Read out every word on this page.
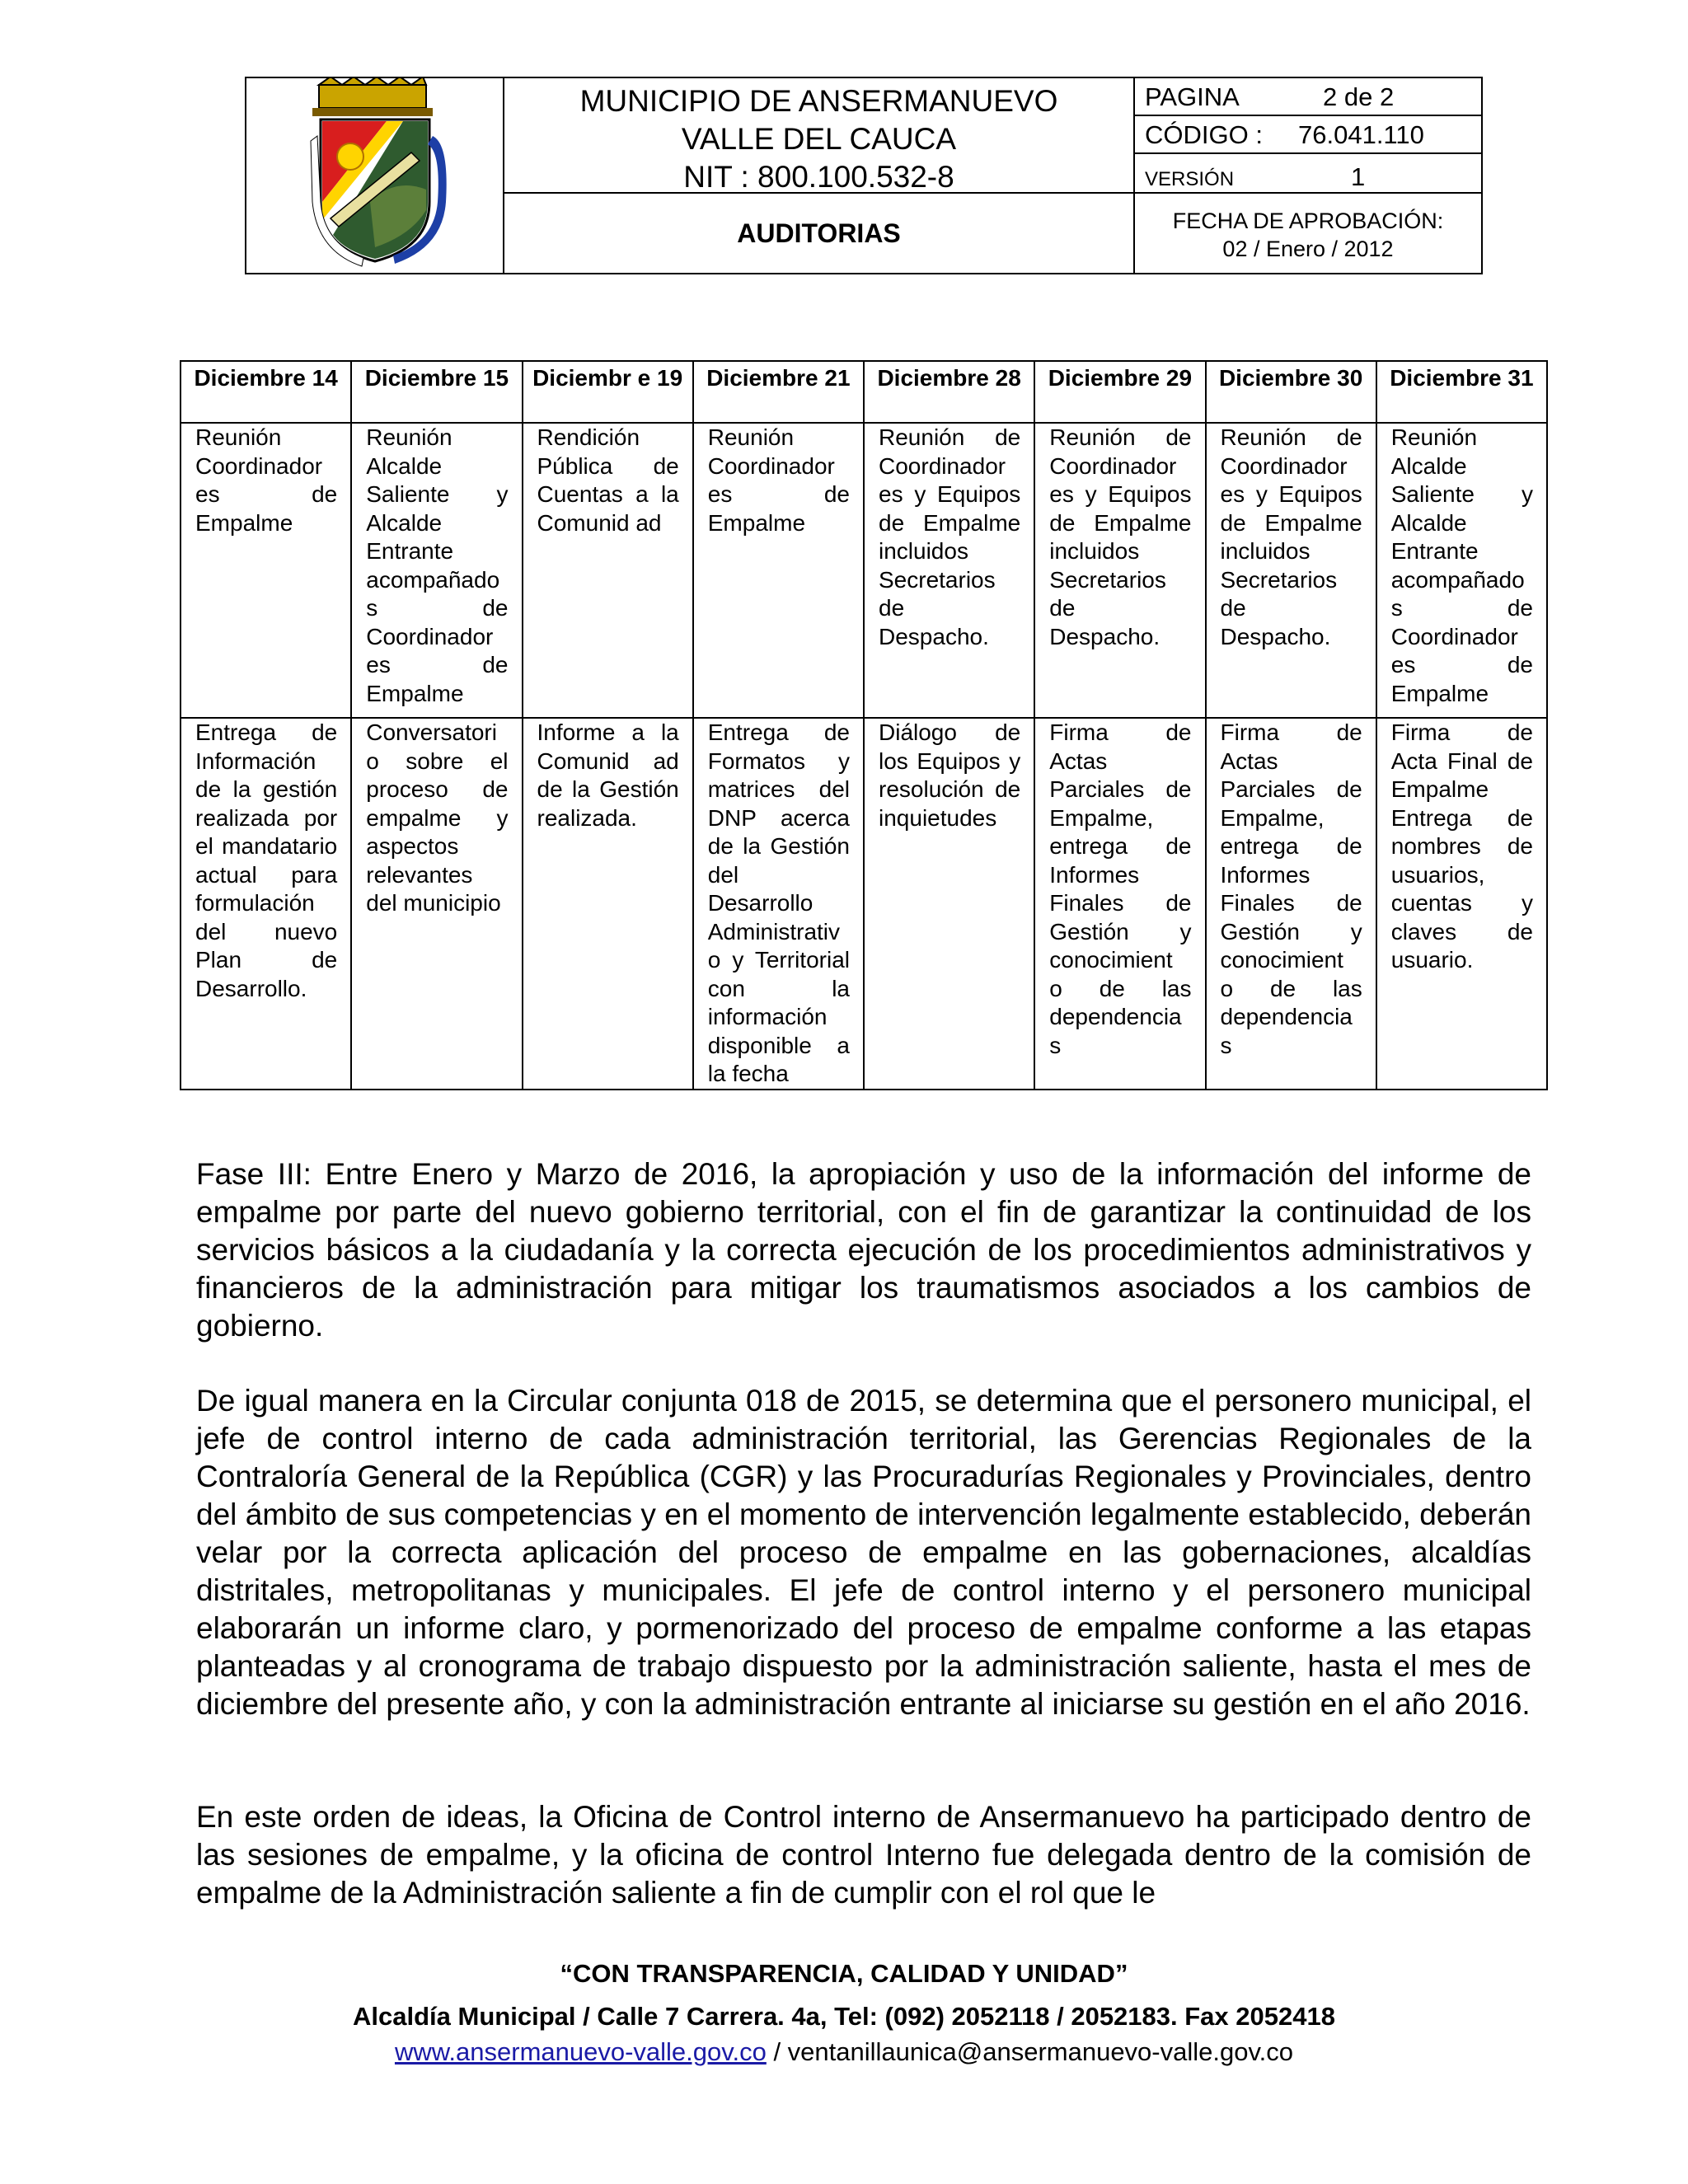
MUNICIPIO DE ANSERMANUEVO
VALLE DEL CAUCA
NIT : 800.100.532-8
AUDITORIAS
PAGINA	2 de 2
CÓDIGO : 76.041.110
VERSIÓN	1
FECHA DE APROBACIÓN:
02 / Enero / 2012
Diciembre 14	Diciembre 15	Diciembr e 19	Diciembre 21	Diciembre 28	Diciembre 29	Diciembre 30	Diciembre 31
Reunión Coordinador es de Empalme	Reunión Alcalde Saliente y Alcalde Entrante acompañado s de Coordinador es de Empalme	Rendición Pública de Cuentas a la Comunid ad	Reunión Coordinador es de Empalme	Reunión de Coordinador es y Equipos de Empalme incluidos Secretarios de Despacho.	Reunión de Coordinador es y Equipos de Empalme incluidos Secretarios de Despacho.	Reunión de Coordinador es y Equipos de Empalme incluidos Secretarios de Despacho.	Reunión Alcalde Saliente y Alcalde Entrante acompañado s de Coordinador es de Empalme
Entrega de Información de la gestión realizada por el mandatario actual para formulación del nuevo Plan de Desarrollo.	Conversatori o sobre el proceso de empalme y aspectos relevantes del municipio	Informe a la Comunid ad de la Gestión realizada.	Entrega de Formatos y matrices del DNP acerca de la Gestión del Desarrollo Administrativ o y Territorial con la información disponible a la fecha	Diálogo de los Equipos y resolución de inquietudes	Firma de Actas Parciales de Empalme, entrega de Informes Finales de Gestión y conocimient o de las dependencia s	Firma de Actas Parciales de Empalme, entrega de Informes Finales de Gestión y conocimient o de las dependencia s	Firma de Acta Final de Empalme Entrega de nombres de usuarios, cuentas y claves de usuario.

Fase III: Entre Enero y Marzo de 2016, la apropiación y uso de la información del informe de empalme por parte del nuevo gobierno territorial, con el fin de garantizar la continuidad de los servicios básicos a la ciudadanía y la correcta ejecución de los procedimientos administrativos y financieros de la administración para mitigar los traumatismos asociados a los cambios de gobierno.

De igual manera en la Circular conjunta 018 de 2015, se determina que el personero municipal, el jefe de control interno de cada administración territorial, las Gerencias Regionales de la Contraloría General de la República (CGR) y las Procuradurías Regionales y Provinciales, dentro del ámbito de sus competencias y en el momento de intervención legalmente establecido, deberán velar por la correcta aplicación del proceso de empalme en las gobernaciones, alcaldías distritales, metropolitanas y municipales. El jefe de control interno y el personero municipal elaborarán un informe claro, y pormenorizado del proceso de empalme conforme a las etapas planteadas y al cronograma de trabajo dispuesto por la administración saliente, hasta el mes de diciembre del presente año, y con la administración entrante al iniciarse su gestión en el año 2016.

En este orden de ideas, la Oficina de Control interno de Ansermanuevo ha participado dentro de las sesiones de empalme, y la oficina de control Interno fue delegada dentro de la comisión de empalme de la Administración saliente a fin de cumplir con el rol que le

“CON TRANSPARENCIA, CALIDAD Y UNIDAD”
Alcaldía Municipal / Calle 7 Carrera. 4a, Tel: (092) 2052118 / 2052183. Fax 2052418
www.ansermanuevo-valle.gov.co / ventanillaunica@ansermanuevo-valle.gov.co
